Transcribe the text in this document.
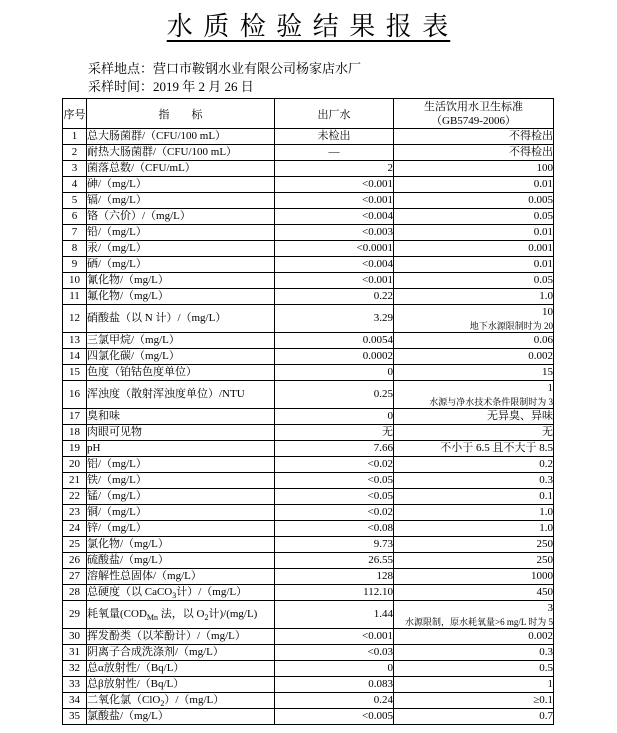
水 质 检 验 结 果 报 表
采样地点：营口市鞍钢水业有限公司杨家店水厂
采样时间：2019 年 2 月 26 日
序号	指　　标	出厂水	生活饮用水卫生标准
（GB5749-2006）

1	总大肠菌群/（CFU/100 mL）	未检出	不得检出

2	耐热大肠菌群/（CFU/100 mL）	—	不得检出

3	菌落总数/（CFU/mL）	2	100

4	砷/（mg/L）	<0.001	0.01

5	镉/（mg/L）	<0.001	0.005

6	铬（六价）/（mg/L）	<0.004	0.05

7	铅/（mg/L）	<0.003	0.01

8	汞/（mg/L）	<0.0001	0.001

9	硒/（mg/L）	<0.004	0.01

10	氰化物/（mg/L）	<0.001	0.05

11	氟化物/（mg/L）	0.22	1.0

12	硝酸盐（以 N 计）/（mg/L）	3.29	10
地下水源限制时为 20

13	三氯甲烷/（mg/L）	0.0054	0.06

14	四氯化碳/（mg/L）	0.0002	0.002

15	色度（铂钴色度单位）	0	15

16	浑浊度（散射浑浊度单位）/NTU	0.25	1
水源与净水技术条件限制时为 3

17	臭和味	0	无异臭、异味

18	肉眼可见物	无	无

19	pH	7.66	不小于 6.5 且不大于 8.5

20	铝/（mg/L）	<0.02	0.2

21	铁/（mg/L）	<0.05	0.3

22	锰/（mg/L）	<0.05	0.1

23	铜/（mg/L）	<0.02	1.0

24	锌/（mg/L）	<0.08	1.0

25	氯化物/（mg/L）	9.73	250

26	硫酸盐/（mg/L）	26.55	250

27	溶解性总固体/（mg/L）	128	1000

28	总硬度（以 CaCO$_3$计）/（mg/L）	112.10	450

29	耗氧量($COD_{Mn}$ 法，以 $O_2$计)/(mg/L)	1.44	3
水源限制，原水耗氧量>6 mg/L 时为 5

30	挥发酚类（以苯酚计）/（mg/L）	<0.001	0.002

31	阴离子合成洗涤剂/（mg/L）	<0.03	0.3

32	总α放射性/（Bq/L）	0	0.5

33	总β放射性/（Bq/L）	0.083	1

34	二氧化氯（ClO$_2$）/（mg/L）	0.24	≥0.1

35	氯酸盐/（mg/L）	<0.005	0.7
